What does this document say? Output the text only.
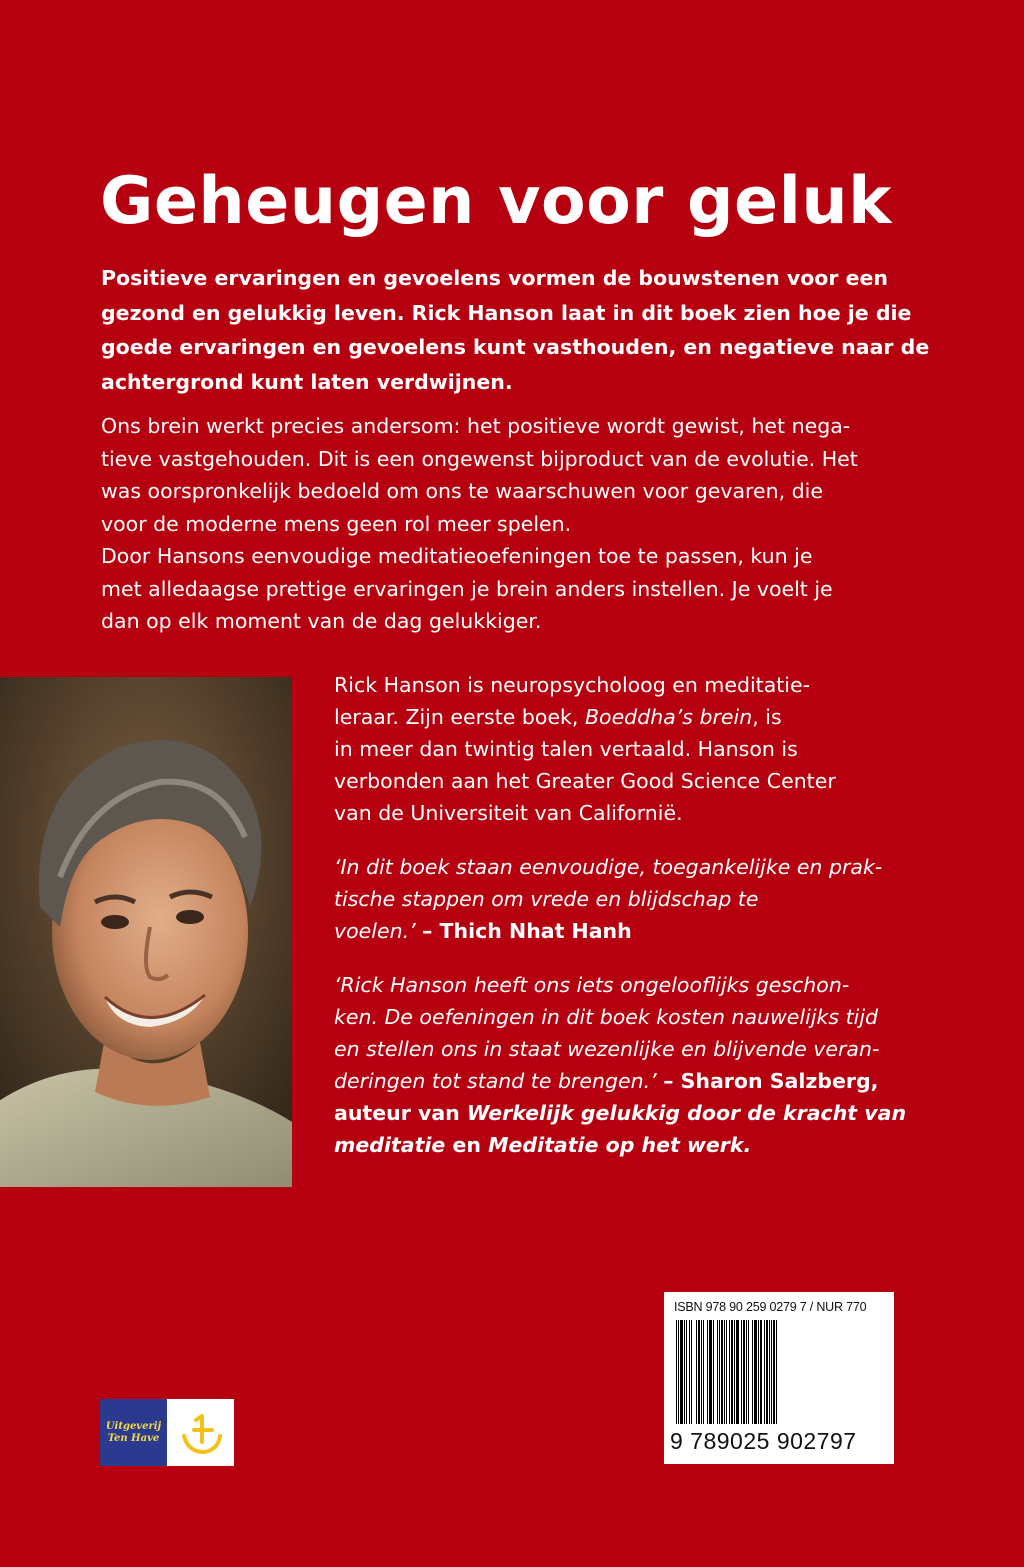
Geheugen voor geluk

Positieve ervaringen en gevoelens vormen de bouwstenen voor een
gezond en gelukkig leven. Rick Hanson laat in dit boek zien hoe je die
goede ervaringen en gevoelens kunt vasthouden, en negatieve naar de
achtergrond kunt laten verdwijnen.

Ons brein werkt precies andersom: het positieve wordt gewist, het nega-
tieve vastgehouden. Dit is een ongewenst bijproduct van de evolutie. Het
was oorspronkelijk bedoeld om ons te waarschuwen voor gevaren, die
voor de moderne mens geen rol meer spelen.
Door Hansons eenvoudige meditatieoefeningen toe te passen, kun je
met alledaagse prettige ervaringen je brein anders instellen. Je voelt je
dan op elk moment van de dag gelukkiger.

Rick Hanson is neuropsycholoog en meditatie-
leraar. Zijn eerste boek, Boeddha’s brein, is
in meer dan twintig talen vertaald. Hanson is
verbonden aan het Greater Good Science Center
van de Universiteit van Californië.

‘In dit boek staan eenvoudige, toegankelijke en prak-
tische stappen om vrede en blijdschap te
voelen.’ – Thich Nhat Hanh

‘Rick Hanson heeft ons iets ongelooflijks geschon-
ken. De oefeningen in dit boek kosten nauwelijks tijd
en stellen ons in staat wezenlijke en blijvende veran-
deringen tot stand te brengen.’ – Sharon Salzberg,
auteur van Werkelijk gelukkig door de kracht van
meditatie en Meditatie op het werk.

ISBN 978 90 259 0279 7 / NUR 770
9 789025 902797
Uitgeverij
Ten Have
